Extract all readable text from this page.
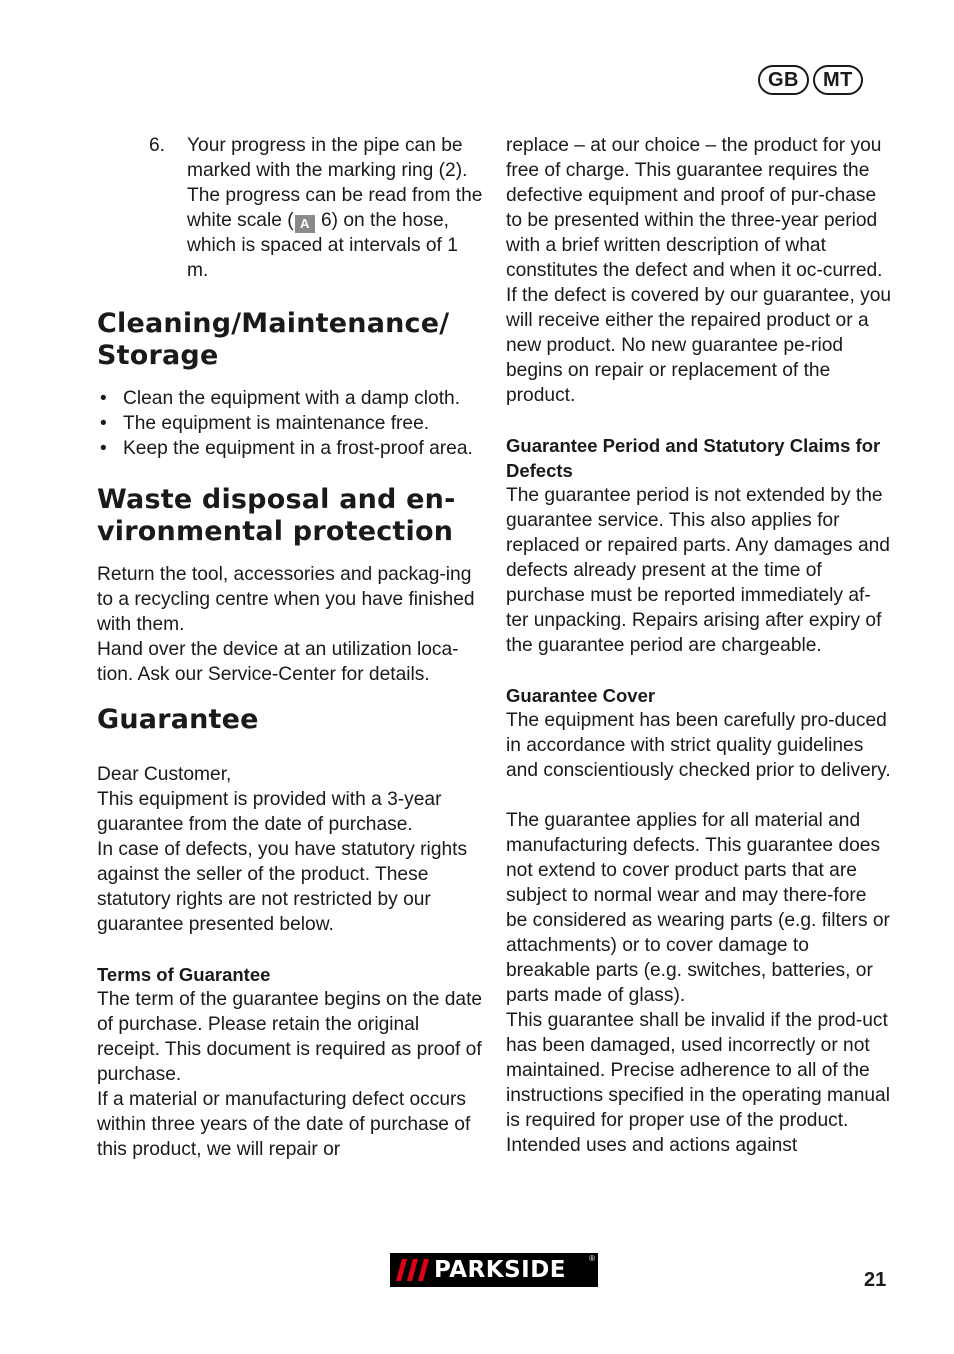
GB	MT
6.	Your progress in the pipe can be marked with the marking ring (2). The progress can be read from the white scale ( A 6) on the hose, which is spaced at intervals of 1 m.
Cleaning/Maintenance/ Storage
• Clean the equipment with a damp cloth.
• The equipment is maintenance free.
• Keep the equipment in a frost-proof area.
Waste disposal and en-vironmental protection

Return the tool, accessories and packag-ing to a recycling centre when you have finished with them.

Hand over the device at an utilization loca-tion. Ask our Service-Center for details.

Guarantee

Dear Customer,

This equipment is provided with a 3-year guarantee from the date of purchase.

In case of defects, you have statutory rights against the seller of the product. These statutory rights are not restricted by our guarantee presented below.

Terms of Guarantee

The term of the guarantee begins on the date of purchase. Please retain the original receipt. This document is required as proof of purchase.

If a material or manufacturing defect occurs within three years of the date of purchase of this product, we will repair or

replace – at our choice – the product for you free of charge. This guarantee requires the defective equipment and proof of pur-chase to be presented within the three-year period with a brief written description of what constitutes the defect and when it oc-curred.

If the defect is covered by our guarantee, you will receive either the repaired product or a new product. No new guarantee pe-riod begins on repair or replacement of the product.

Guarantee Period and Statutory Claims for Defects

The guarantee period is not extended by the guarantee service. This also applies for replaced or repaired parts. Any damages and defects already present at the time of purchase must be reported immediately af-ter unpacking. Repairs arising after expiry of the guarantee period are chargeable.

Guarantee Cover

The equipment has been carefully pro-duced in accordance with strict quality guidelines and conscientiously checked prior to delivery.

The guarantee applies for all material and manufacturing defects. This guarantee does not extend to cover product parts that are subject to normal wear and may there-fore be considered as wearing parts (e.g. filters or attachments) or to cover damage to breakable parts (e.g. switches, batteries, or parts made of glass).

This guarantee shall be invalid if the prod-uct has been damaged, used incorrectly or not maintained. Precise adherence to all of the instructions specified in the operating manual is required for proper use of the product. Intended uses and actions against

PARKSIDE	®
21
